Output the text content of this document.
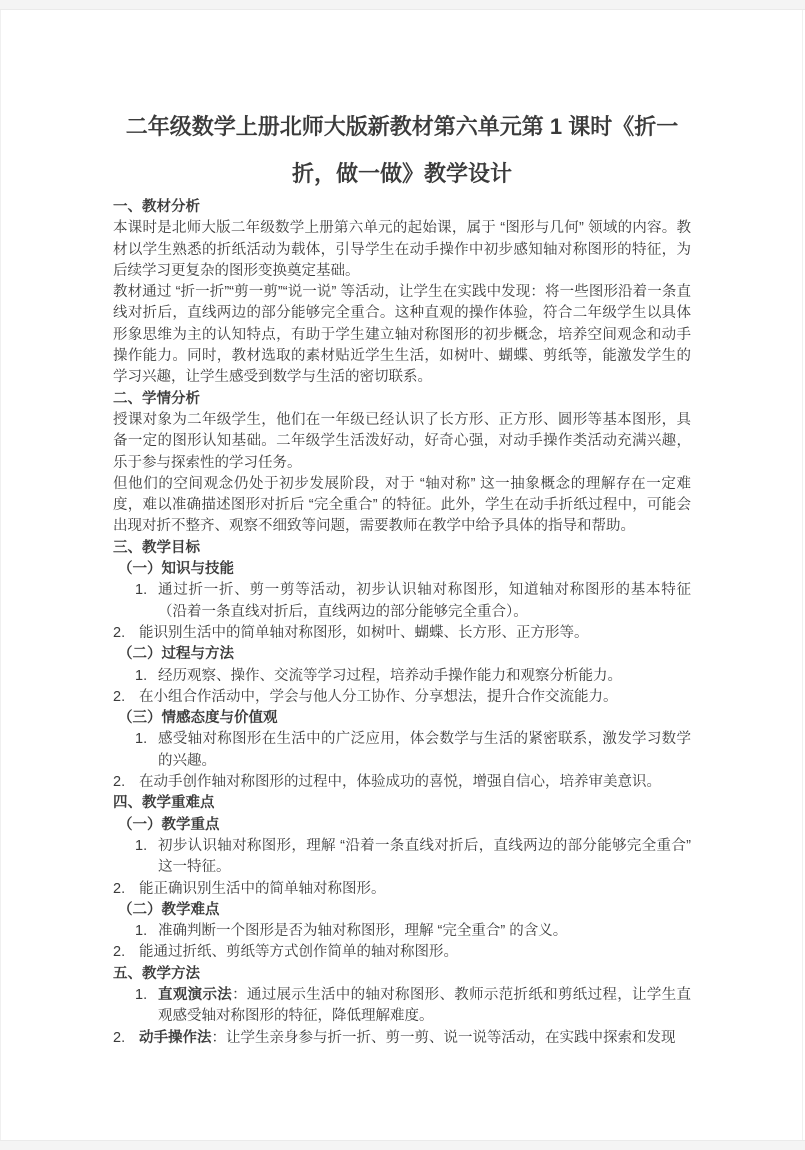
二年级数学上册北师大版新教材第六单元第 1 课时《折一
折，做一做》教学设计
一、教材分析

本课时是北师大版二年级数学上册第六单元的起始课，属于 “图形与几何” 领域的内容。教材以学生熟悉的折纸活动为载体，引导学生在动手操作中初步感知轴对称图形的特征，为后续学习更复杂的图形变换奠定基础。

教材通过 “折一折”“剪一剪”“说一说” 等活动，让学生在实践中发现：将一些图形沿着一条直线对折后，直线两边的部分能够完全重合。这种直观的操作体验，符合二年级学生以具体形象思维为主的认知特点，有助于学生建立轴对称图形的初步概念，培养空间观念和动手操作能力。同时，教材选取的素材贴近学生生活，如树叶、蝴蝶、剪纸等，能激发学生的学习兴趣，让学生感受到数学与生活的密切联系。

二、学情分析

授课对象为二年级学生，他们在一年级已经认识了长方形、正方形、圆形等基本图形，具备一定的图形认知基础。二年级学生活泼好动，好奇心强，对动手操作类活动充满兴趣，乐于参与探索性的学习任务。

但他们的空间观念仍处于初步发展阶段，对于 “轴对称” 这一抽象概念的理解存在一定难度，难以准确描述图形对折后 “完全重合” 的特征。此外，学生在动手折纸过程中，可能会出现对折不整齐、观察不细致等问题，需要教师在教学中给予具体的指导和帮助。

三、教学目标
（一）知识与技能
1. 通过折一折、剪一剪等活动，初步认识轴对称图形，知道轴对称图形的基本特征（沿着一条直线对折后，直线两边的部分能够完全重合）。
2. 能识别生活中的简单轴对称图形，如树叶、蝴蝶、长方形、正方形等。
（二）过程与方法
1. 经历观察、操作、交流等学习过程，培养动手操作能力和观察分析能力。
2. 在小组合作活动中，学会与他人分工协作、分享想法，提升合作交流能力。
（三）情感态度与价值观
1. 感受轴对称图形在生活中的广泛应用，体会数学与生活的紧密联系，激发学习数学的兴趣。
2. 在动手创作轴对称图形的过程中，体验成功的喜悦，增强自信心，培养审美意识。
四、教学重难点
（一）教学重点
1. 初步认识轴对称图形，理解 “沿着一条直线对折后，直线两边的部分能够完全重合” 这一特征。
2. 能正确识别生活中的简单轴对称图形。
（二）教学难点
1. 准确判断一个图形是否为轴对称图形，理解 “完全重合” 的含义。
2. 能通过折纸、剪纸等方式创作简单的轴对称图形。
五、教学方法
1. 直观演示法：通过展示生活中的轴对称图形、教师示范折纸和剪纸过程，让学生直观感受轴对称图形的特征，降低理解难度。
2. 动手操作法：让学生亲身参与折一折、剪一剪、说一说等活动，在实践中探索和发现
